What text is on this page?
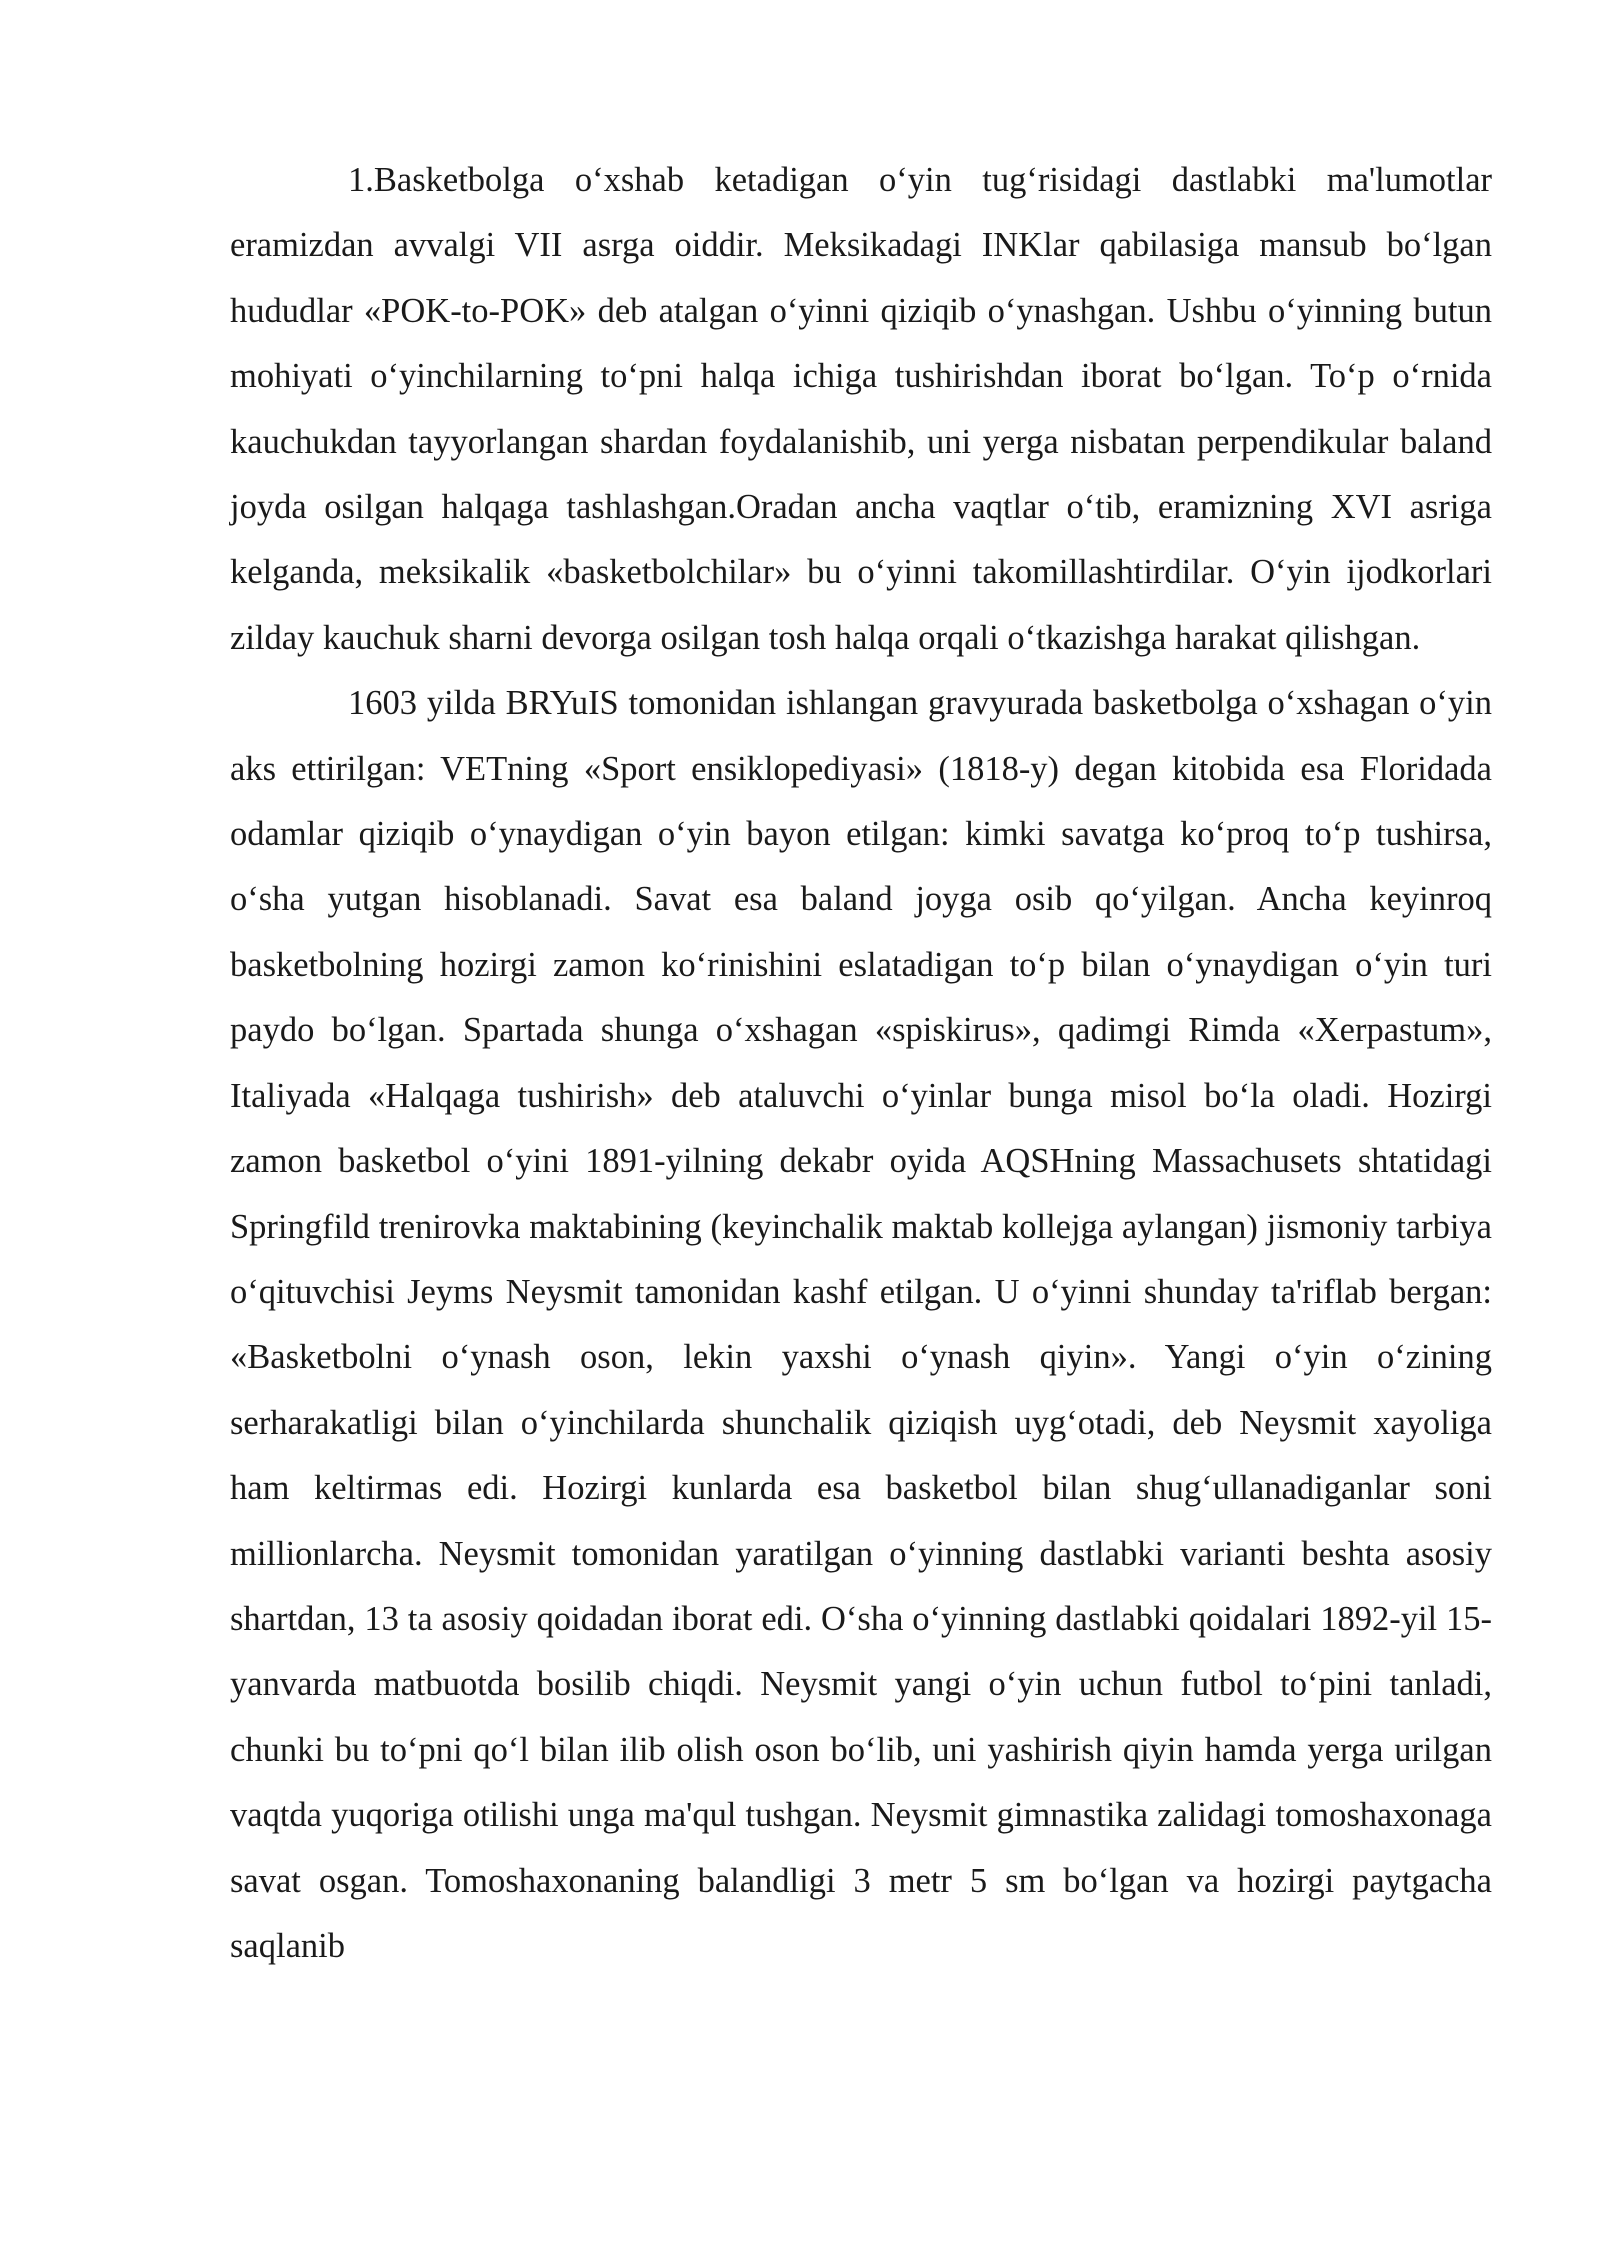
1.Basketbolga o‘xshab ketadigan o‘yin tug‘risidagi dastlabki ma'lumotlar eramizdan avvalgi VII asrga oiddir. Meksikadagi INKlar qabilasiga mansub bo‘lgan hududlar «POK-to-POK» deb atalgan o‘yinni qiziqib o‘ynashgan. Ushbu o‘yinning butun mohiyati o‘yinchilarning to‘pni halqa ichiga tushirishdan iborat bo‘lgan. To‘p o‘rnida kauchukdan tayyorlangan shardan foydalanishib, uni yerga nisbatan perpendikular baland joyda osilgan halqaga tashlashgan.Oradan ancha vaqtlar o‘tib, eramizning XVI asriga kelganda, meksikalik «basketbolchilar» bu o‘yinni takomillashtirdilar. O‘yin ijodkorlari zilday kauchuk sharni devorga osilgan tosh halqa orqali o‘tkazishga harakat qilishgan.

1603 yilda BRYuIS tomonidan ishlangan gravyurada basketbolga o‘xshagan o‘yin aks ettirilgan: VETning «Sport ensiklopediyasi» (1818-y) degan kitobida esa Floridada odamlar qiziqib o‘ynaydigan o‘yin bayon etilgan: kimki savatga ko‘proq to‘p tushirsa, o‘sha yutgan hisoblanadi. Savat esa baland joyga osib qo‘yilgan. Ancha keyinroq basketbolning hozirgi zamon ko‘rinishini eslatadigan to‘p bilan o‘ynaydigan o‘yin turi paydo bo‘lgan. Spartada shunga o‘xshagan «spiskirus», qadimgi Rimda «Xerpastum», Italiyada «Halqaga tushirish» deb ataluvchi o‘yinlar bunga misol bo‘la oladi. Hozirgi zamon basketbol o‘yini 1891-yilning dekabr oyida AQSHning Massachusets shtatidagi Springfild trenirovka maktabining (keyinchalik maktab kollejga aylangan) jismoniy tarbiya o‘qituvchisi Jeyms Neysmit tamonidan kashf etilgan. U o‘yinni shunday ta'riflab bergan: «Basketbolni o‘ynash oson, lekin yaxshi o‘ynash qiyin». Yangi o‘yin o‘zining serharakatligi bilan o‘yinchilarda shunchalik qiziqish uyg‘otadi, deb Neysmit xayoliga ham keltirmas edi. Hozirgi kunlarda esa basketbol bilan shug‘ullanadiganlar soni millionlarcha. Neysmit tomonidan yaratilgan o‘yinning dastlabki varianti beshta asosiy shartdan, 13 ta asosiy qoidadan iborat edi. O‘sha o‘yinning dastlabki qoidalari 1892-yil 15-yanvarda matbuotda bosilib chiqdi. Neysmit yangi o‘yin uchun futbol to‘pini tanladi, chunki bu to‘pni qo‘l bilan ilib olish oson bo‘lib, uni yashirish qiyin hamda yerga urilgan vaqtda yuqoriga otilishi unga ma'qul tushgan. Neysmit gimnastika zalidagi tomoshaxonaga savat osgan. Tomoshaxonaning balandligi 3 metr 5 sm bo‘lgan va hozirgi paytgacha saqlanib
